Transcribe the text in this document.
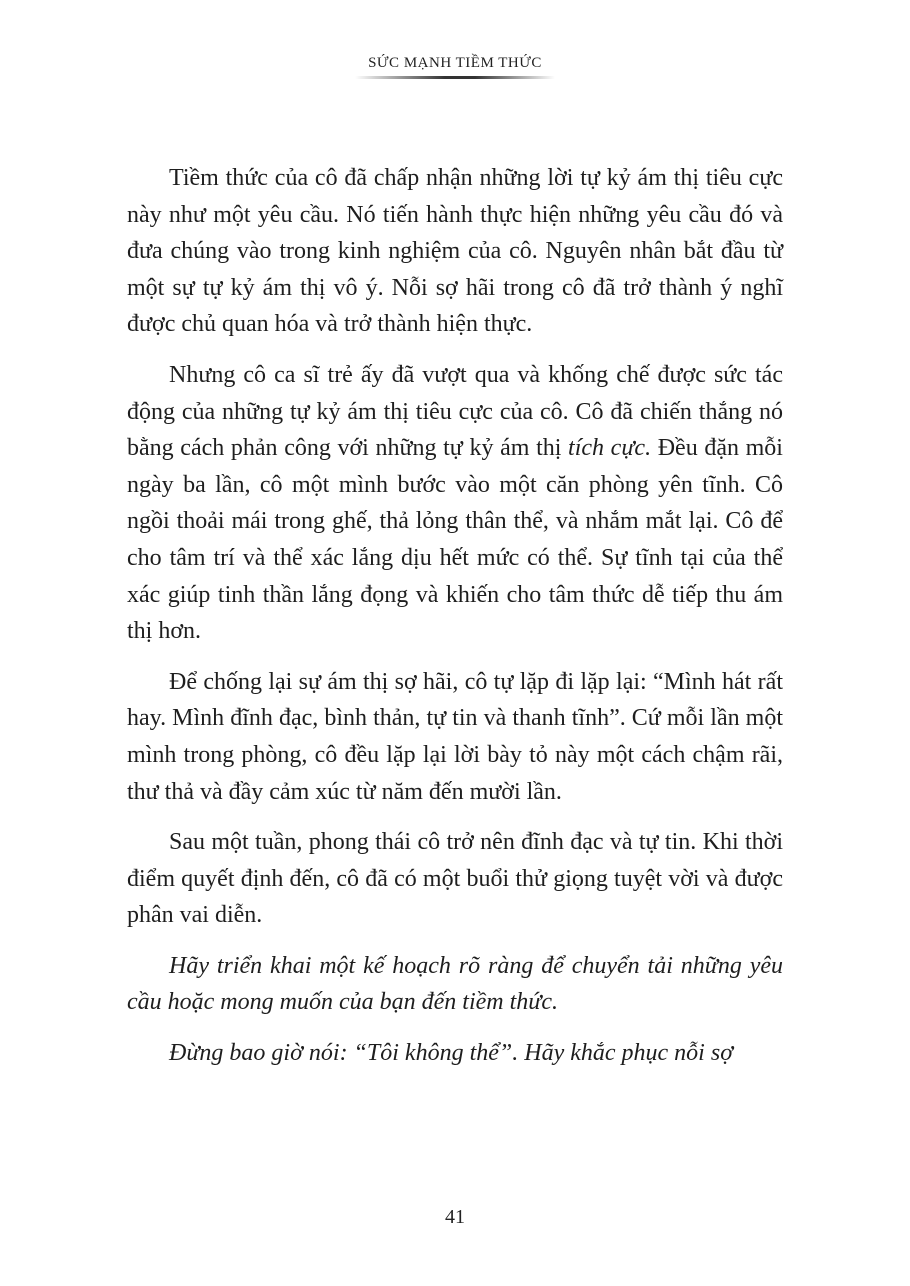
SỨC MẠNH TIỀM THỨC

Tiềm thức của cô đã chấp nhận những lời tự kỷ ám thị tiêu cực này như một yêu cầu. Nó tiến hành thực hiện những yêu cầu đó và đưa chúng vào trong kinh nghiệm của cô. Nguyên nhân bắt đầu từ một sự tự kỷ ám thị vô ý. Nỗi sợ hãi trong cô đã trở thành ý nghĩ được chủ quan hóa và trở thành hiện thực.

Nhưng cô ca sĩ trẻ ấy đã vượt qua và khống chế được sức tác động của những tự kỷ ám thị tiêu cực của cô. Cô đã chiến thắng nó bằng cách phản công với những tự kỷ ám thị tích cực. Đều đặn mỗi ngày ba lần, cô một mình bước vào một căn phòng yên tĩnh. Cô ngồi thoải mái trong ghế, thả lỏng thân thể, và nhắm mắt lại. Cô để cho tâm trí và thể xác lắng dịu hết mức có thể. Sự tĩnh tại của thể xác giúp tinh thần lắng đọng và khiến cho tâm thức dễ tiếp thu ám thị hơn.

Để chống lại sự ám thị sợ hãi, cô tự lặp đi lặp lại: “Mình hát rất hay. Mình đĩnh đạc, bình thản, tự tin và thanh tĩnh”. Cứ mỗi lần một mình trong phòng, cô đều lặp lại lời bày tỏ này một cách chậm rãi, thư thả và đầy cảm xúc từ năm đến mười lần.

Sau một tuần, phong thái cô trở nên đĩnh đạc và tự tin. Khi thời điểm quyết định đến, cô đã có một buổi thử giọng tuyệt vời và được phân vai diễn.

Hãy triển khai một kế hoạch rõ ràng để chuyển tải những yêu cầu hoặc mong muốn của bạn đến tiềm thức.

Đừng bao giờ nói: “Tôi không thể”. Hãy khắc phục nỗi sợ

41
